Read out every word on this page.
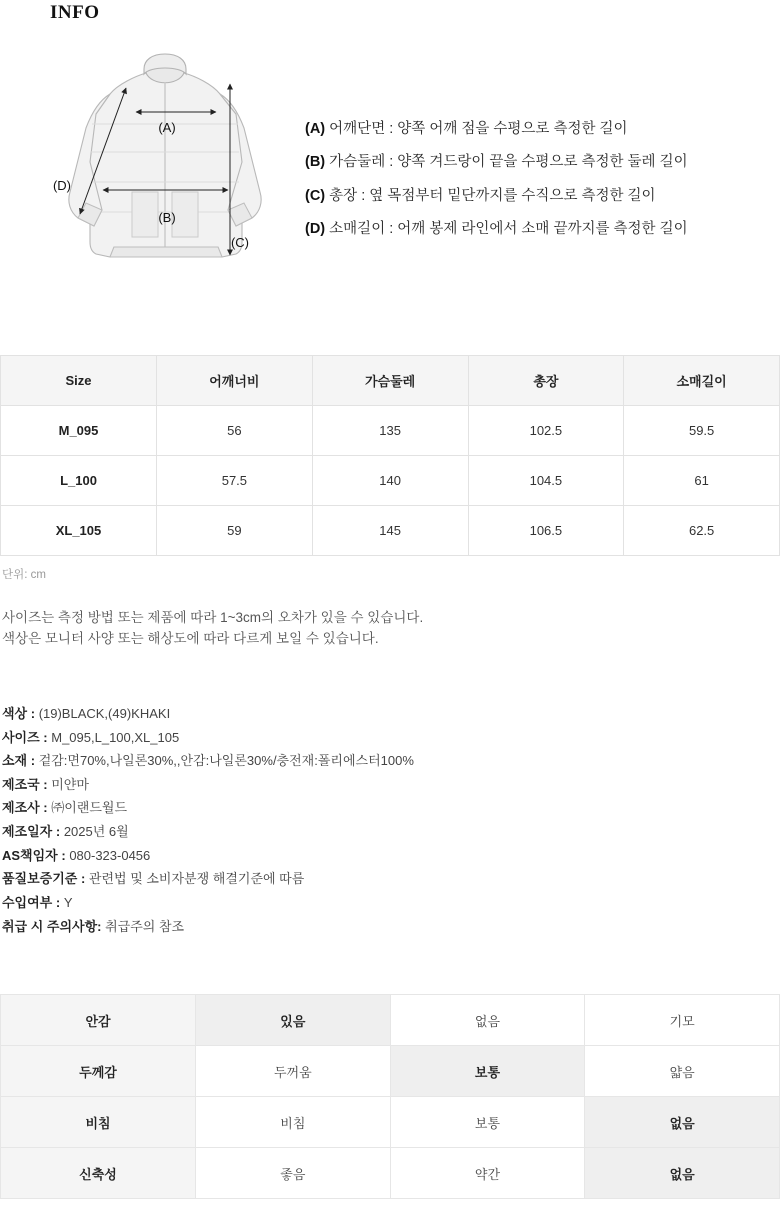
INFO
(A)
(B)
(C)
(D)
(A) 어깨단면 : 양쪽 어깨 점을 수평으로 측정한 길이
(B) 가슴둘레 : 양쪽 겨드랑이 끝을 수평으로 측정한 둘레 길이
(C) 총장 : 옆 목점부터 밑단까지를 수직으로 측정한 길이
(D) 소매길이 : 어깨 봉제 라인에서 소매 끝까지를 측정한 길이
Size	어깨너비	가슴둘레	총장	소매길이
M_095	56	135	102.5	59.5
L_100	57.5	140	104.5	61
XL_105	59	145	106.5	62.5
단위: cm
사이즈는 측정 방법 또는 제품에 따라 1~3cm의 오차가 있을 수 있습니다.
색상은 모니터 사양 또는 해상도에 따라 다르게 보일 수 있습니다.
색상 : (19)BLACK,(49)KHAKI
사이즈 : M_095,L_100,XL_105
소재 : 겉감:면70%,나일론30%,,안감:나일론30%/충전재:폴리에스터100%
제조국 : 미얀마
제조사 : ㈜이랜드월드
제조일자 : 2025년 6월
AS책임자 : 080-323-0456
품질보증기준 : 관련법 및 소비자분쟁 해결기준에 따름
수입여부 : Y
취급 시 주의사항: 취급주의 참조
안감	있음	없음	기모
두께감	두꺼움	보통	얇음
비침	비침	보통	없음
신축성	좋음	약간	없음
